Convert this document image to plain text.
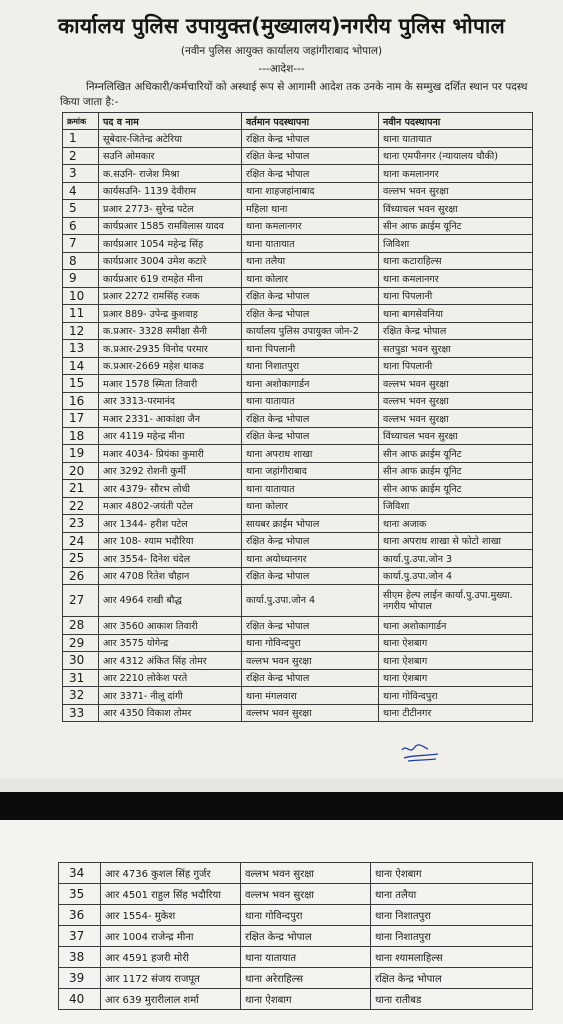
कार्यालय पुलिस उपायुक्त(मुख्यालय)नगरीय पुलिस भोपाल
(नवीन पुलिस आयुक्त कार्यालय जहांगीराबाद भोपाल)
---आदेश---
निम्नलिखित अधिकारी/कर्मचारियों को अस्थाई रूप से आगामी आदेश तक उनके नाम के सम्मुख दर्शित स्थान पर पदस्थ किया जाता है:-
क्रमांक	पद व नाम	वर्तमान पदस्थापना	नवीन पदस्थापना
1	सूबेदार-जितेन्द्र अटेरिया	रक्षित केन्द्र भोपाल	थाना यातायात
2	सउनि ओमकार	रक्षित केन्द्र भोपाल	थाना एमपीनगर (न्यायालय चौकी)
3	क.सउनि- राजेश मिश्रा	रक्षित केन्द्र भोपाल	थाना कमलानगर
4	कार्यसउनि- 1139 देवीराम	थाना शाहजहांनाबाद	वल्लभ भवन सुरक्षा
5	प्रआर 2773- सुरेन्द्र पटेल	महिला थाना	विंध्याचल भवन सुरक्षा
6	कार्यप्रआर 1585 रामविलास यादव	थाना कमलानगर	सीन आफ क्राईम यूनिट
7	कार्यप्रआर 1054 महेन्द्र सिंह	थाना यातायात	जिविशा
8	कार्यप्रआर 3004 उमेश कटारे	थाना तलैया	थाना कटाराहिल्स
9	कार्यप्रआर 619 रामहेत मीना	थाना कोलार	थाना कमलानगर
10	प्रआर 2272 रामसिंह रजक	रक्षित केन्द्र भोपाल	थाना पिपलानी
11	प्रआर 889- उपेन्द्र कुशवाह	रक्षित केन्द्र भोपाल	थाना बागसेवनिया
12	क.प्रआर- 3328 समीक्षा सैनी	कार्यालय पुलिस उपायुक्त जोन-2	रक्षित केन्द्र भोपाल
13	क.प्रआर-2935 विनोद परमार	थाना पिपलानी	सतपुडा भवन सुरक्षा
14	क.प्रआर-2669 महेश धाकड	थाना निशातपुरा	थाना पिपलानी
15	मआर 1578 स्मिता तिवारी	थाना अशोकागार्डन	वल्लभ भवन सुरक्षा
16	आर 3313-परमानंद	थाना यातायात	वल्लभ भवन सुरक्षा
17	मआर 2331- आकांक्षा जैन	रक्षित केन्द्र भोपाल	वल्लभ भवन सुरक्षा
18	आर 4119 महेन्द्र मीना	रक्षित केन्द्र भोपाल	विंध्याचल भवन सुरक्षा
19	मआर 4034- प्रियंका कुमारी	थाना अपराध शाखा	सीन आफ क्राईम यूनिट
20	आर 3292 रोशनी कुर्मी	थाना जहांगीराबाद	सीन आफ क्राईम यूनिट
21	आर 4379- सौरभ लोधी	थाना यातायात	सीन आफ क्राईम यूनिट
22	मआर 4802-जयंती पटेल	थाना कोलार	जिविशा
23	आर 1344- हरीश पटेल	सायबर क्राईम भोपाल	थाना अजाक
24	आर 108- श्याम भदौरिया	रक्षित केन्द्र भोपाल	थाना अपराध शाखा से फोटो शाखा
25	आर 3554- दिनेश चंदेल	थाना अयोध्यानगर	कार्या.पु.उपा.जोन 3
26	आर 4708 रितेश चौहान	रक्षित केन्द्र भोपाल	कार्या.पु.उपा.जोन 4
27	आर 4964 राखी बौद्ध	कार्या.पु.उपा.जोन 4	सीएम हेल्प लाईन कार्या.पु.उपा.मुख्या. नगरीय भोपाल
28	आर 3560 आकाश तिवारी	रक्षित केन्द्र भोपाल	थाना अशोकागार्डन
29	आर 3575 योगेन्द्र	थाना गोविन्दपुरा	थाना ऐशबाग
30	आर 4312 अंकित सिंह तोमर	वल्लभ भवन सुरक्षा	थाना ऐशबाग
31	आर 2210 लोकेश परते	रक्षित केन्द्र भोपाल	थाना ऐशबाग
32	आर 3371- नीलू दांगी	थाना मंगलवारा	थाना गोविन्दपुरा
33	आर 4350 विकाश तोमर	वल्लभ भवन सुरक्षा	थाना टीटीनगर
34	आर 4736 कुशल सिंह गुर्जर	वल्लभ भवन सुरक्षा	थाना ऐशबाग
35	आर 4501 राहुल सिंह भदौरिया	वल्लभ भवन सुरक्षा	थाना तलैया
36	आर 1554- मुकेश	थाना गोविन्दपुरा	थाना निशातपुरा
37	आर 1004 राजेन्द्र मीना	रक्षित केन्द्र भोपाल	थाना निशातपुरा
38	आर 4591 हजरी मोरी	थाना यातायात	थाना श्यामलाहिल्स
39	आर 1172 संजय राजपूत	थाना अरेराहिल्स	रक्षित केन्द्र भोपाल
40	आर 639 मुरारीलाल शर्मा	थाना ऐशबाग	थाना रातीबड
